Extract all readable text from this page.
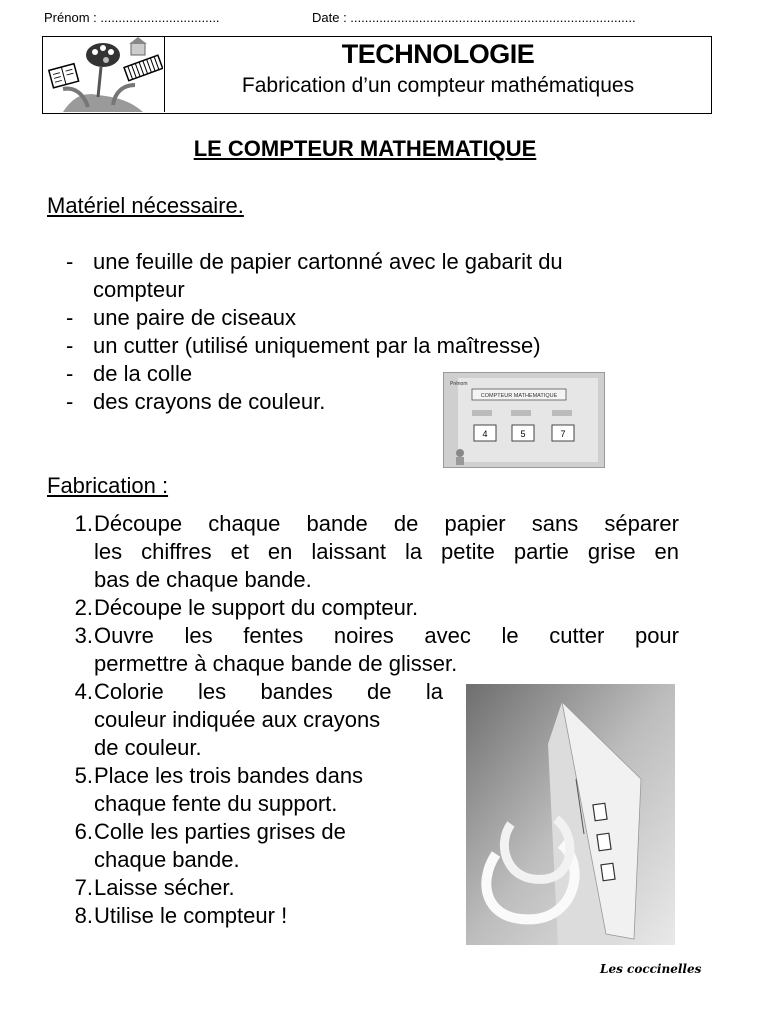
Prénom : .................................	Date : ...............................................................................
TECHNOLOGIE
Fabrication d’un compteur mathématiques
LE COMPTEUR MATHEMATIQUE
Matériel nécessaire.
- une feuille de papier cartonné avec le gabarit du
compteur
- une paire de ciseaux
- un cutter (utilisé uniquement par la maîtresse)
- de la colle
- des crayons de couleur.
Prénom
COMPTEUR MATHEMATIQUE
4	5	7
Fabrication :
1. Découpe chaque bande de papier sans séparer
les chiffres et en laissant la petite partie grise en
bas de chaque bande.
2. Découpe le support du compteur.
3. Ouvre les fentes noires avec le cutter pour
permettre à chaque bande de glisser.
4. Colorie les bandes de la
couleur indiquée aux crayons
de couleur.
5. Place les trois bandes dans
chaque fente du support.
6. Colle les parties grises de
chaque bande.
7. Laisse sécher.
8. Utilise le compteur !
Les coccinelles
